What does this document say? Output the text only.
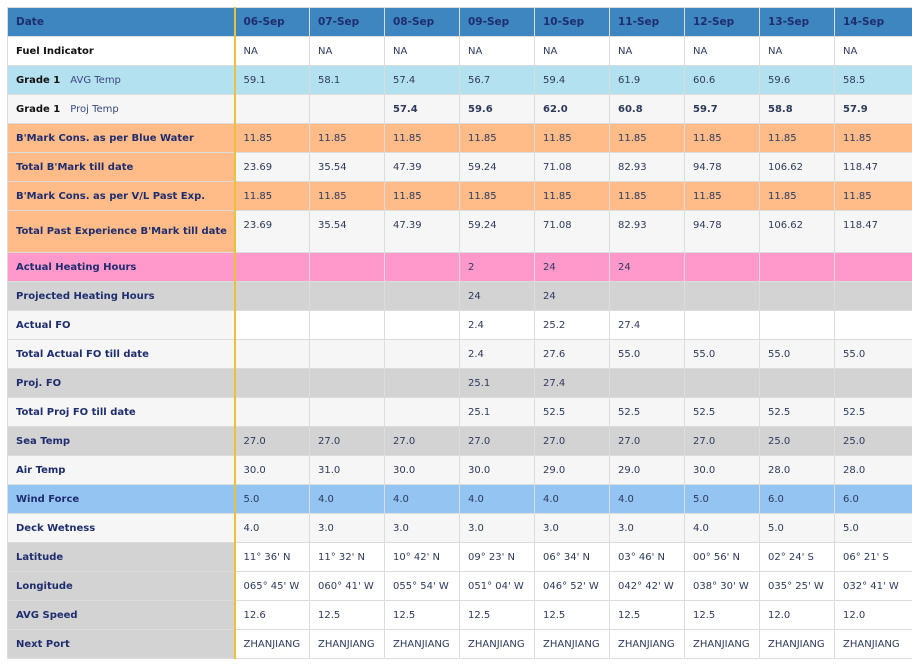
Date	06-Sep	07-Sep	08-Sep	09-Sep	10-Sep	11-Sep	12-Sep	13-Sep	14-Sep
Fuel Indicator	NA	NA	NA	NA	NA	NA	NA	NA	NA
Grade 1 AVG Temp	59.1	58.1	57.4	56.7	59.4	61.9	60.6	59.6	58.5
Grade 1 Proj Temp			57.4	59.6	62.0	60.8	59.7	58.8	57.9
B'Mark Cons. as per Blue Water	11.85	11.85	11.85	11.85	11.85	11.85	11.85	11.85	11.85
Total B'Mark till date	23.69	35.54	47.39	59.24	71.08	82.93	94.78	106.62	118.47
B'Mark Cons. as per V/L Past Exp.	11.85	11.85	11.85	11.85	11.85	11.85	11.85	11.85	11.85
Total Past Experience B'Mark till date	23.69	35.54	47.39	59.24	71.08	82.93	94.78	106.62	118.47
Actual Heating Hours				2	24	24			
Projected Heating Hours				24	24				
Actual FO				2.4	25.2	27.4			
Total Actual FO till date				2.4	27.6	55.0	55.0	55.0	55.0
Proj. FO				25.1	27.4				
Total Proj FO till date				25.1	52.5	52.5	52.5	52.5	52.5
Sea Temp	27.0	27.0	27.0	27.0	27.0	27.0	27.0	25.0	25.0
Air Temp	30.0	31.0	30.0	30.0	29.0	29.0	30.0	28.0	28.0
Wind Force	5.0	4.0	4.0	4.0	4.0	4.0	5.0	6.0	6.0
Deck Wetness	4.0	3.0	3.0	3.0	3.0	3.0	4.0	5.0	5.0
Latitude	11° 36' N	11° 32' N	10° 42' N	09° 23' N	06° 34' N	03° 46' N	00° 56' N	02° 24' S	06° 21' S
Longitude	065° 45' W	060° 41' W	055° 54' W	051° 04' W	046° 52' W	042° 42' W	038° 30' W	035° 25' W	032° 41' W
AVG Speed	12.6	12.5	12.5	12.5	12.5	12.5	12.5	12.0	12.0
Next Port	ZHANJIANG	ZHANJIANG	ZHANJIANG	ZHANJIANG	ZHANJIANG	ZHANJIANG	ZHANJIANG	ZHANJIANG	ZHANJIANG
